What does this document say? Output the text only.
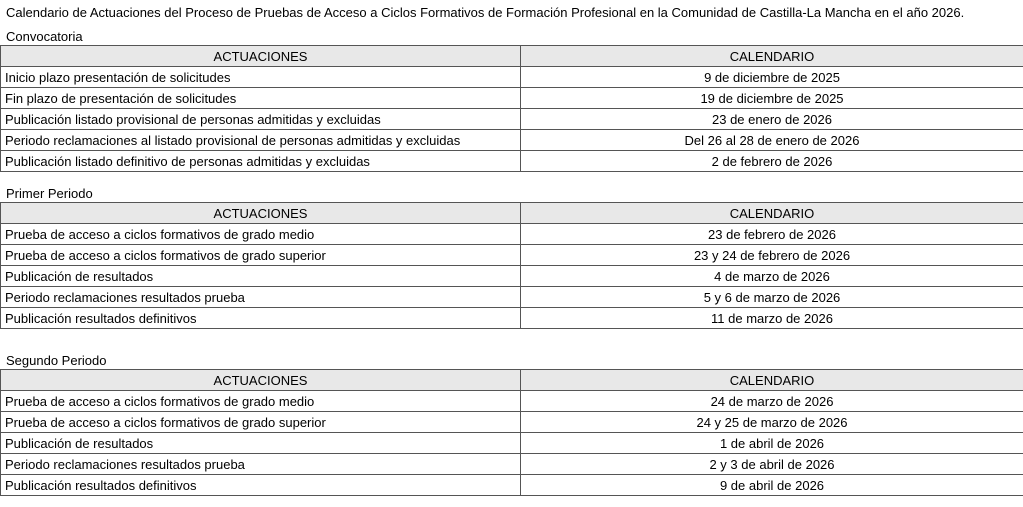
Calendario de Actuaciones del Proceso de Pruebas de Acceso a Ciclos Formativos de Formación Profesional en la Comunidad de Castilla-La Mancha en el año 2026.
Convocatoria
ACTUACIONES	CALENDARIO
Inicio plazo presentación de solicitudes	9 de diciembre de 2025
Fin plazo de presentación de solicitudes	19 de diciembre de 2025
Publicación listado provisional de personas admitidas y excluidas	23 de enero de 2026
Periodo reclamaciones al listado provisional de personas admitidas y excluidas	Del 26 al 28 de enero de 2026
Publicación listado definitivo de personas admitidas y excluidas	2 de febrero de 2026
Primer Periodo
ACTUACIONES	CALENDARIO
Prueba de acceso a ciclos formativos de grado medio	23 de febrero de 2026
Prueba de acceso a ciclos formativos de grado superior	23 y 24 de febrero de 2026
Publicación de resultados	4 de marzo de 2026
Periodo reclamaciones resultados prueba	5 y 6 de marzo de 2026
Publicación resultados definitivos	11 de marzo de 2026
Segundo Periodo
ACTUACIONES	CALENDARIO
Prueba de acceso a ciclos formativos de grado medio	24 de marzo de 2026
Prueba de acceso a ciclos formativos de grado superior	24 y 25 de marzo de 2026
Publicación de resultados	1 de abril de 2026
Periodo reclamaciones resultados prueba	2 y 3 de abril de 2026
Publicación resultados definitivos	9 de abril de 2026
